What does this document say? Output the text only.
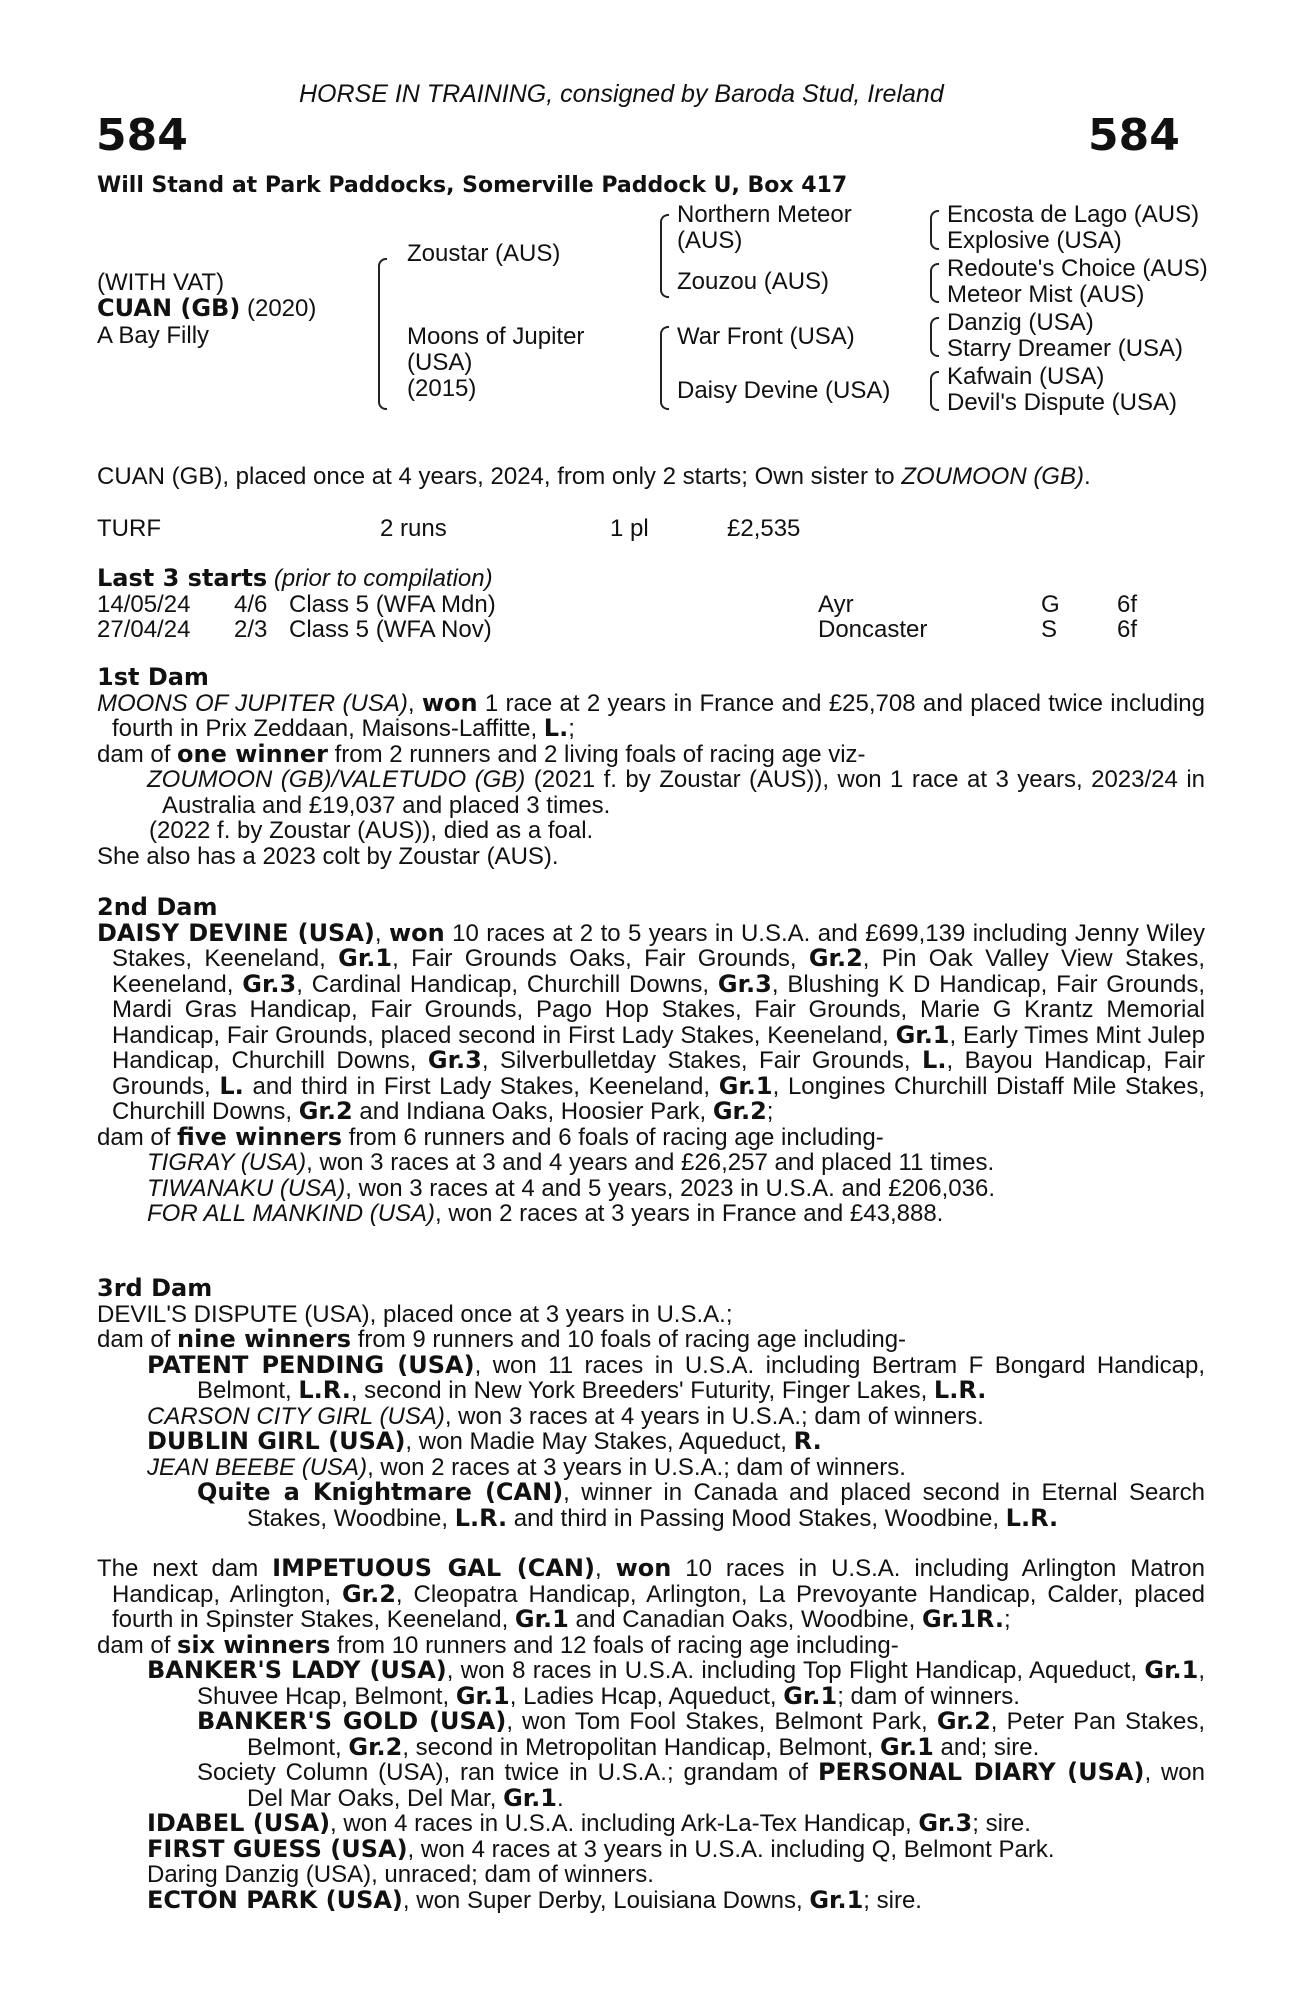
HORSE IN TRAINING, consigned by Baroda Stud, Ireland
584	584
Will Stand at Park Paddocks, Somerville Paddock U, Box 417
(WITH VAT)
CUAN (GB) (2020)
A Bay Filly
Zoustar (AUS)
Moons of Jupiter
(USA)
(2015)
Northern Meteor
(AUS)
Zouzou (AUS)
War Front (USA)
Daisy Devine (USA)
Encosta de Lago (AUS)
Explosive (USA)
Redoute's Choice (AUS)
Meteor Mist (AUS)
Danzig (USA)
Starry Dreamer (USA)
Kafwain (USA)
Devil's Dispute (USA)
CUAN (GB), placed once at 4 years, 2024, from only 2 starts; Own sister to ZOUMOON (GB).
TURF	2 runs	1 pl	£2,535
Last 3 starts (prior to compilation)
14/05/24 4/6 Class 5 (WFA Mdn)	Ayr	G 6f
27/04/24 2/3 Class 5 (WFA Nov)	Doncaster	S 6f

1st Dam

MOONS OF JUPITER (USA), won 1 race at 2 years in France and £25,708 and placed twice including fourth in Prix Zeddaan, Maisons-Laffitte, L.;

dam of one winner from 2 runners and 2 living foals of racing age viz-

ZOUMOON (GB)/VALETUDO (GB) (2021 f. by Zoustar (AUS)), won 1 race at 3 years, 2023/24 in Australia and £19,037 and placed 3 times.

(2022 f. by Zoustar (AUS)), died as a foal.

She also has a 2023 colt by Zoustar (AUS).

2nd Dam

DAISY DEVINE (USA), won 10 races at 2 to 5 years in U.S.A. and £699,139 including Jenny Wiley Stakes, Keeneland, Gr.1, Fair Grounds Oaks, Fair Grounds, Gr.2, Pin Oak Valley View Stakes, Keeneland, Gr.3, Cardinal Handicap, Churchill Downs, Gr.3, Blushing K D Handicap, Fair Grounds, Mardi Gras Handicap, Fair Grounds, Pago Hop Stakes, Fair Grounds, Marie G Krantz Memorial Handicap, Fair Grounds, placed second in First Lady Stakes, Keeneland, Gr.1, Early Times Mint Julep Handicap, Churchill Downs, Gr.3, Silverbulletday Stakes, Fair Grounds, L., Bayou Handicap, Fair Grounds, L. and third in First Lady Stakes, Keeneland, Gr.1, Longines Churchill Distaff Mile Stakes, Churchill Downs, Gr.2 and Indiana Oaks, Hoosier Park, Gr.2;

dam of five winners from 6 runners and 6 foals of racing age including-

TIGRAY (USA), won 3 races at 3 and 4 years and £26,257 and placed 11 times.

TIWANAKU (USA), won 3 races at 4 and 5 years, 2023 in U.S.A. and £206,036.

FOR ALL MANKIND (USA), won 2 races at 3 years in France and £43,888.

3rd Dam

DEVIL'S DISPUTE (USA), placed once at 3 years in U.S.A.;

dam of nine winners from 9 runners and 10 foals of racing age including-

PATENT PENDING (USA), won 11 races in U.S.A. including Bertram F Bongard Handicap, Belmont, L.R., second in New York Breeders' Futurity, Finger Lakes, L.R.

CARSON CITY GIRL (USA), won 3 races at 4 years in U.S.A.; dam of winners.

DUBLIN GIRL (USA), won Madie May Stakes, Aqueduct, R.

JEAN BEEBE (USA), won 2 races at 3 years in U.S.A.; dam of winners.

Quite a Knightmare (CAN), winner in Canada and placed second in Eternal Search Stakes, Woodbine, L.R. and third in Passing Mood Stakes, Woodbine, L.R.

The next dam IMPETUOUS GAL (CAN), won 10 races in U.S.A. including Arlington Matron Handicap, Arlington, Gr.2, Cleopatra Handicap, Arlington, La Prevoyante Handicap, Calder, placed fourth in Spinster Stakes, Keeneland, Gr.1 and Canadian Oaks, Woodbine, Gr.1R.;

dam of six winners from 10 runners and 12 foals of racing age including-

BANKER'S LADY (USA), won 8 races in U.S.A. including Top Flight Handicap, Aqueduct, Gr.1, Shuvee Hcap, Belmont, Gr.1, Ladies Hcap, Aqueduct, Gr.1; dam of winners.

BANKER'S GOLD (USA), won Tom Fool Stakes, Belmont Park, Gr.2, Peter Pan Stakes, Belmont, Gr.2, second in Metropolitan Handicap, Belmont, Gr.1 and; sire.

Society Column (USA), ran twice in U.S.A.; grandam of PERSONAL DIARY (USA), won Del Mar Oaks, Del Mar, Gr.1.

IDABEL (USA), won 4 races in U.S.A. including Ark-La-Tex Handicap, Gr.3; sire.

FIRST GUESS (USA), won 4 races at 3 years in U.S.A. including Q, Belmont Park.

Daring Danzig (USA), unraced; dam of winners.

ECTON PARK (USA), won Super Derby, Louisiana Downs, Gr.1; sire.
